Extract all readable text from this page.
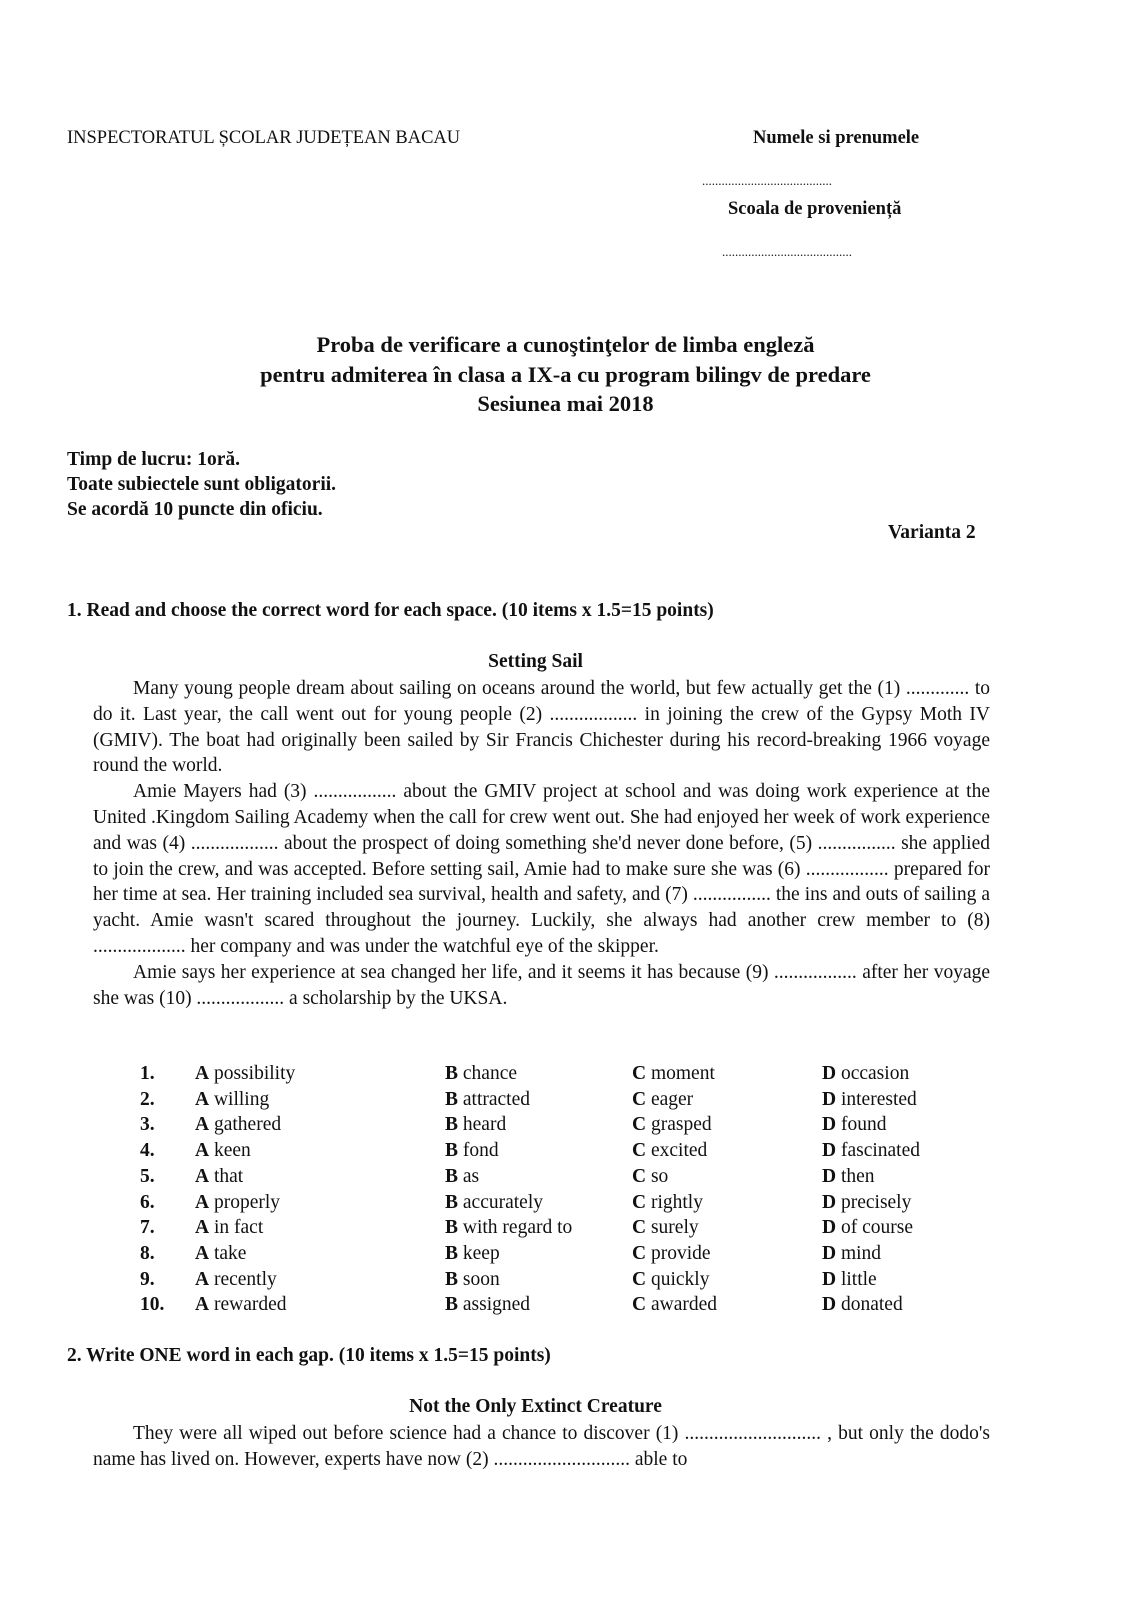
INSPECTORATUL ȘCOLAR JUDEȚEAN BACAU	Numele si prenumele
........................................
Scoala de proveniență
........................................
Proba de verificare a cunoştinţelor de limba engleză
pentru admiterea în clasa a IX-a cu program bilingv de predare
Sesiunea mai 2018
Timp de lucru: 1oră.
Toate subiectele sunt obligatorii.
Se acordă 10 puncte din oficiu.
Varianta 2
1. Read and choose the correct word for each space. (10 items x 1.5=15 points)
Setting Sail

Many young people dream about sailing on oceans around the world, but few actually get the (1) ............. to do it. Last year, the call went out for young people (2) .................. in joining the crew of the Gypsy Moth IV (GMIV). The boat had originally been sailed by Sir Francis Chichester during his record-breaking 1966 voyage round the world.

Amie Mayers had (3) ................. about the GMIV project at school and was doing work experience at the United .Kingdom Sailing Academy when the call for crew went out. She had enjoyed her week of work experience and was (4) .................. about the prospect of doing something she'd never done before, (5) ................ she applied to join the crew, and was accepted. Before setting sail, Amie had to make sure she was (6) ................. prepared for her time at sea. Her training included sea survival, health and safety, and (7) ................ the ins and outs of sailing a yacht. Amie wasn't scared throughout the journey. Luckily, she always had another crew member to (8) ................... her company and was under the watchful eye of the skipper.

Amie says her experience at sea changed her life, and it seems it has because (9) ................. after her voyage she was (10) .................. a scholarship by the UKSA.

1.	A possibility	B chance	C moment	D occasion
2.	A willing	B attracted	C eager	D interested
3.	A gathered	B heard	C grasped	D found
4.	A keen	B fond	C excited	D fascinated
5.	A that	B as	C so	D then
6.	A properly	B accurately	C rightly	D precisely
7.	A in fact	B with regard to	C surely	D of course
8.	A take	B keep	C provide	D mind
9.	A recently	B soon	C quickly	D little
10.	A rewarded	B assigned	C awarded	D donated
2. Write ONE word in each gap. (10 items x 1.5=15 points)
Not the Only Extinct Creature

They were all wiped out before science had a chance to discover (1) ............................ , but only the dodo's name has lived on. However, experts have now (2) ............................ able to
